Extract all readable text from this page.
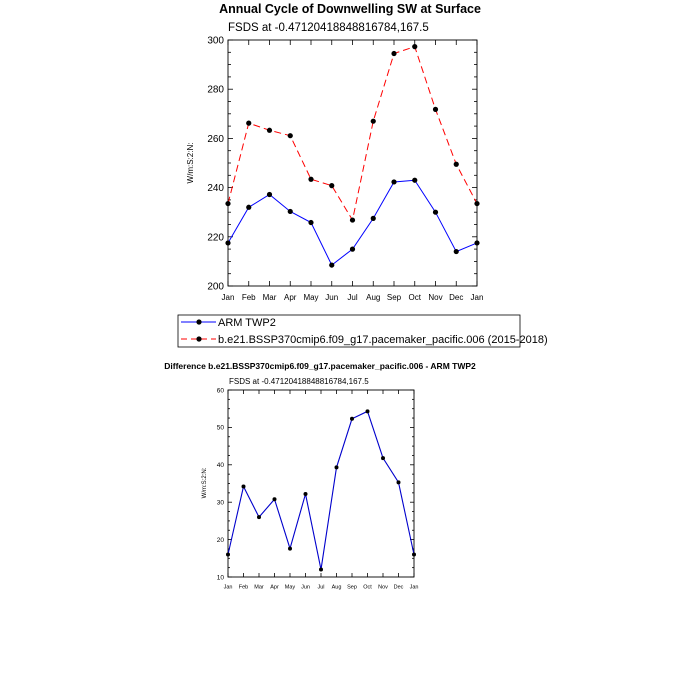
Annual Cycle of Downwelling SW at Surface
FSDS at -0.47120418848816784,167.5
W/m:S:2:N:
200
220
240
260
280
300
Jan Feb Mar Apr May Jun Jul Aug Sep Oct Nov Dec Jan
ARM TWP2
b.e21.BSSP370cmip6.f09_g17.pacemaker_pacific.006 (2015-2018)
Difference b.e21.BSSP370cmip6.f09_g17.pacemaker_pacific.006 - ARM TWP2
FSDS at -0.47120418848816784,167.5
W/m:S:2:N:
10
20
30
40
50
60
Jan Feb Mar Apr May Jun Jul Aug Sep Oct Nov Dec Jan
